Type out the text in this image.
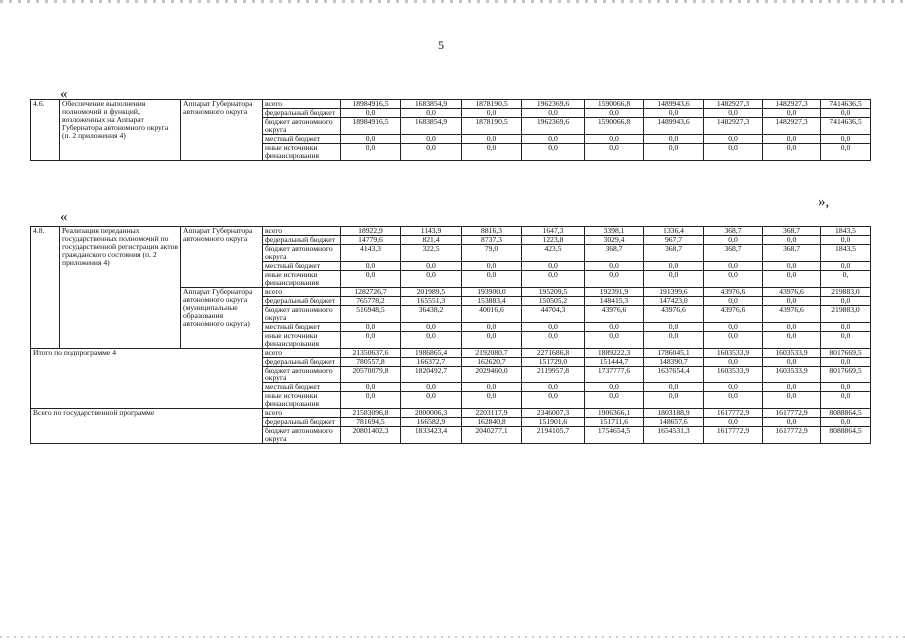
5
«
»,
«
4.6.	Обеспечение выполнения полномочий и функций, возложенных на Аппарат Губернатора автономного округа (п. 2 приложения 4)	Аппарат Губернатора автономного округа	всего	18984916,5	1683854,9	1878190,5	1962369,6	1590066,8	1489943,6	1482927,3	1482927,3	7414636,5
			федеральный бюджет	0,0	0,0	0,0	0,0	0,0	0,0	0,0	0,0	0,0
			бюджет автономного округа	18984916,5	1683854,9	1878190,5	1962369,6	1590066,8	1489943,6	1482927,3	1482927,3	7414636,5
			местный бюджет	0,0	0,0	0,0	0,0	0,0	0,0	0,0	0,0	0,0
			иные источники финансирования	0,0	0,0	0,0	0,0	0,0	0,0	0,0	0,0	0,0
4.8.	Реализация переданных государственных полномочий по государственной регистрации актов гражданского состояния (п. 2 приложения 4)	Аппарат Губернатора автономного округа	всего	18922,9	1143,9	8816,3	1647,3	3398,1	1336,4	368,7	368,7	1843,5
			федеральный бюджет	14779,6	821,4	8737,3	1223,8	3029,4	967,7	0,0	0,0	0,0
			бюджет автономного округа	4143,3	322,5	79,0	423,5	368,7	368,7	368,7	368,7	1843,5
			местный бюджет	0,0	0,0	0,0	0,0	0,0	0,0	0,0	0,0	0,0
			иные источники финансирования	0,0	0,0	0,0	0,0	0,0	0,0	0,0	0,0	0,
		Аппарат Губернатора автономного округа (муниципальные образования автономного округа)	всего	1282726,7	201989,5	193900,0	195209,5	192391,9	191399,6	43976,6	43976,6	219883,0
			федеральный бюджет	765778,2	165551,3	153883,4	150505,2	148415,3	147423,0	0,0	0,0	0,0
			бюджет автономного округа	516948,5	36438,2	40016,6	44704,3	43976,6	43976,6	43976,6	43976,6	219883,0
			местный бюджет	0,0	0,0	0,0	0,0	0,0	0,0	0,0	0,0	0,0
			иные источники финансирования	0,0	0,0	0,0	0,0	0,0	0,0	0,0	0,0	0,0
Итого по подпрограмме 4			всего	21350637,6	1986865,4	2192080,7	2271686,8	1889222,3	1786045,1	1603533,9	1603533,9	8017669,5
			федеральный бюджет	780557,8	166372,7	162620,7	151729,0	151444,7	148390,7	0,0	0,0	0,0
			бюджет автономного округа	20570079,8	1820492,7	2029460,0	2119957,8	1737777,6	1637654,4	1603533,9	1603533,9	8017669,5
			местный бюджет	0,0	0,0	0,0	0,0	0,0	0,0	0,0	0,0	0,0
			иные источники финансирования	0,0	0,0	0,0	0,0	0,0	0,0	0,0	0,0	0,0
Всего по государственной программе			всего	21583096,8	2000006,3	2203117,9	2346007,3	1906366,1	1803188,9	1617772,9	1617772,9	8088864,5
			федеральный бюджет	781694,5	166582,9	162840,8	151901,6	151711,6	148657,6	0,0	0,0	0,0
			бюджет автономного округа	20801402,3	1833423,4	2040277,1	2194105,7	1754654,5	1654531,3	1617772,9	1617772,9	8088864,5
